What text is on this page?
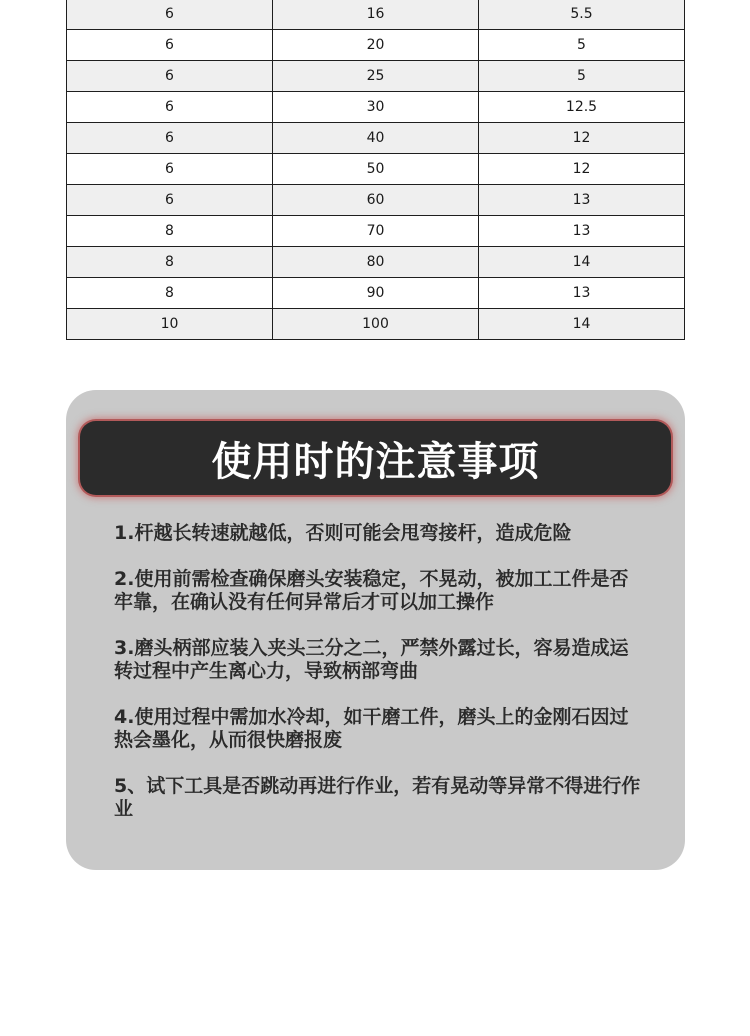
6	16	5.5
6	20	5
6	25	5
6	30	12.5
6	40	12
6	50	12
6	60	13
8	70	13
8	80	14
8	90	13
10	100	14
使用时的注意事项
1.杆越长转速就越低，否则可能会甩弯接杆，造成危险
2.使用前需检查确保磨头安装稳定，不晃动，被加工工件是否牢靠，在确认没有任何异常后才可以加工操作
3.磨头柄部应装入夹头三分之二，严禁外露过长，容易造成运转过程中产生离心力，导致柄部弯曲
4.使用过程中需加水冷却，如干磨工件，磨头上的金刚石因过热会墨化，从而很快磨报废
5、试下工具是否跳动再进行作业，若有晃动等异常不得进行作业
